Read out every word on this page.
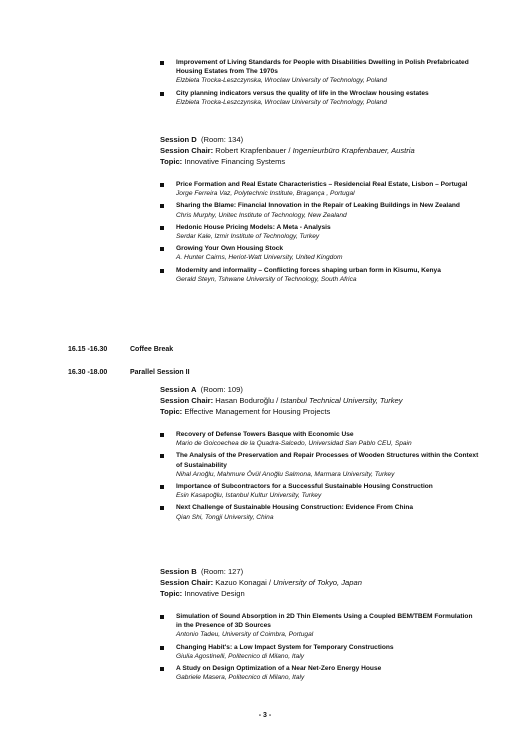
Improvement of Living Standards for People with Disabilities Dwelling in Polish Prefabricated Housing Estates from The 1970s
Elzbieta Trocka-Leszczynska, Wroclaw University of Technology, Poland
City planning indicators versus the quality of life in the Wroclaw housing estates
Elzbieta Trocka-Leszczynska, Wroclaw University of Technology, Poland
Session D (Room: 134)
Session Chair: Robert Krapfenbauer / Ingenieurbüro Krapfenbauer, Austria
Topic: Innovative Financing Systems
Price Formation and Real Estate Characteristics – Residencial Real Estate, Lisbon – Portugal
Jorge Ferreira Vaz, Polytechnic Institute, Bragança , Portugal
Sharing the Blame: Financial Innovation in the Repair of Leaking Buildings in New Zealand
Chris Murphy, Unitec Institute of Technology, New Zealand
Hedonic House Pricing Models: A Meta - Analysis
Serdar Kale, Izmir Institute of Technology, Turkey
Growing Your Own Housing Stock
A. Hunter Cairns, Heriot-Watt University, United Kingdom
Modernity and informality – Conflicting forces shaping urban form in Kisumu, Kenya
Gerald Steyn, Tshwane University of Technology, South Africa
16.15 -16.30	Coffee Break
16.30 -18.00	Parallel Session II
Session A (Room: 109)
Session Chair: Hasan Boduroğlu / Istanbul Technical University, Turkey
Topic: Effective Management for Housing Projects
Recovery of Defense Towers Basque with Economic Use
Mario de Goicoechea de la Quadra-Salcedo, Universidad San Pablo CEU, Spain
The Analysis of the Preservation and Repair Processes of Wooden Structures within the Context of Sustainability
Nihal Arıoğlu, Mahmure Övül Arıoğlu Salmona, Marmara University, Turkey
Importance of Subcontractors for a Successful Sustainable Housing Construction
Esin Kasapoğlu, Istanbul Kultur University, Turkey
Next Challenge of Sustainable Housing Construction: Evidence From China
Qian Shi, Tongji University, China
Session B (Room: 127)
Session Chair: Kazuo Konagai / University of Tokyo, Japan
Topic: Innovative Design
Simulation of Sound Absorption in 2D Thin Elements Using a Coupled BEM/TBEM Formulation in the Presence of 3D Sources
Antonio Tadeu, University of Coimbra, Portugal
Changing Habit's: a Low Impact System for Temporary Constructions
Giulia Agostinelli, Politecnico di Milano, Italy
A Study on Design Optimization of a Near Net-Zero Energy House
Gabriele Masera, Politecnico di Milano, Italy
- 3 -
